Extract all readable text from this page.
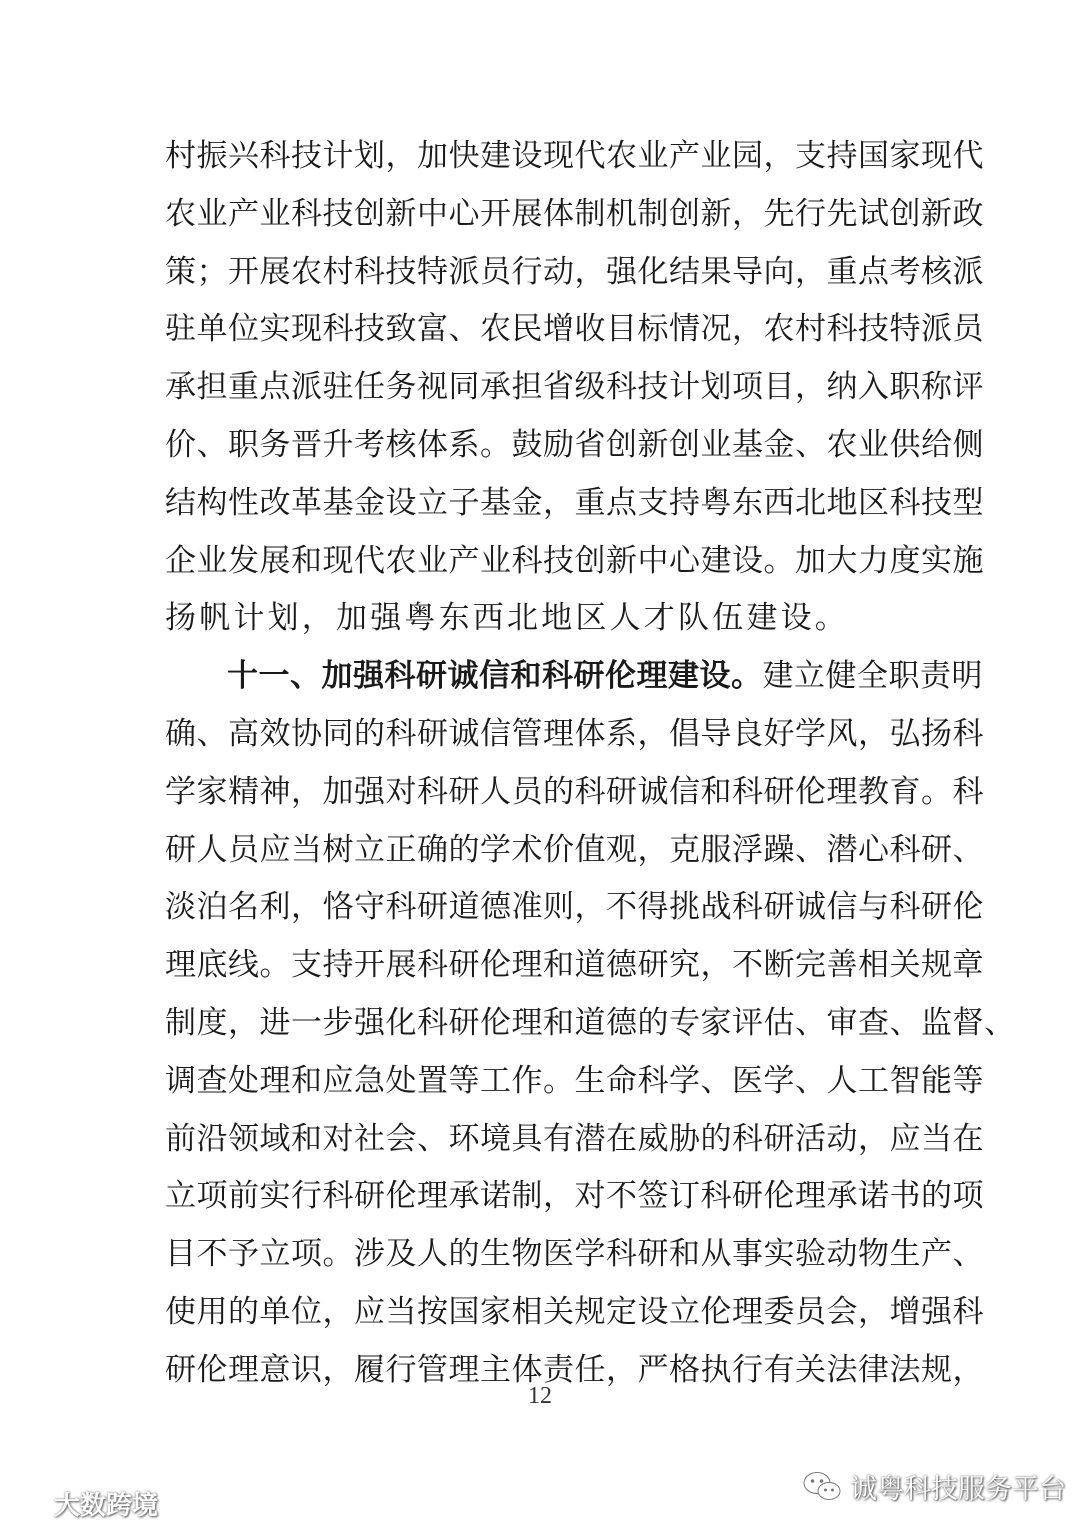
村振兴科技计划，加快建设现代农业产业园，支持国家现代
农业产业科技创新中心开展体制机制创新，先行先试创新政
策；开展农村科技特派员行动，强化结果导向，重点考核派
驻单位实现科技致富、农民增收目标情况，农村科技特派员
承担重点派驻任务视同承担省级科技计划项目，纳入职称评
价、职务晋升考核体系。鼓励省创新创业基金、农业供给侧
结构性改革基金设立子基金，重点支持粤东西北地区科技型
企业发展和现代农业产业科技创新中心建设。加大力度实施
扬帆计划，加强粤东西北地区人才队伍建设。
十一、加强科研诚信和科研伦理建设。建立健全职责明
确、高效协同的科研诚信管理体系，倡导良好学风，弘扬科
学家精神，加强对科研人员的科研诚信和科研伦理教育。科
研人员应当树立正确的学术价值观，克服浮躁、潜心科研、
淡泊名利，恪守科研道德准则，不得挑战科研诚信与科研伦
理底线。支持开展科研伦理和道德研究，不断完善相关规章
制度，进一步强化科研伦理和道德的专家评估、审查、监督、
调查处理和应急处置等工作。生命科学、医学、人工智能等
前沿领域和对社会、环境具有潜在威胁的科研活动，应当在
立项前实行科研伦理承诺制，对不签订科研伦理承诺书的项
目不予立项。涉及人的生物医学科研和从事实验动物生产、
使用的单位，应当按国家相关规定设立伦理委员会，增强科
研伦理意识，履行管理主体责任，严格执行有关法律法规，
12
大数跨境
诚粤科技服务平台
